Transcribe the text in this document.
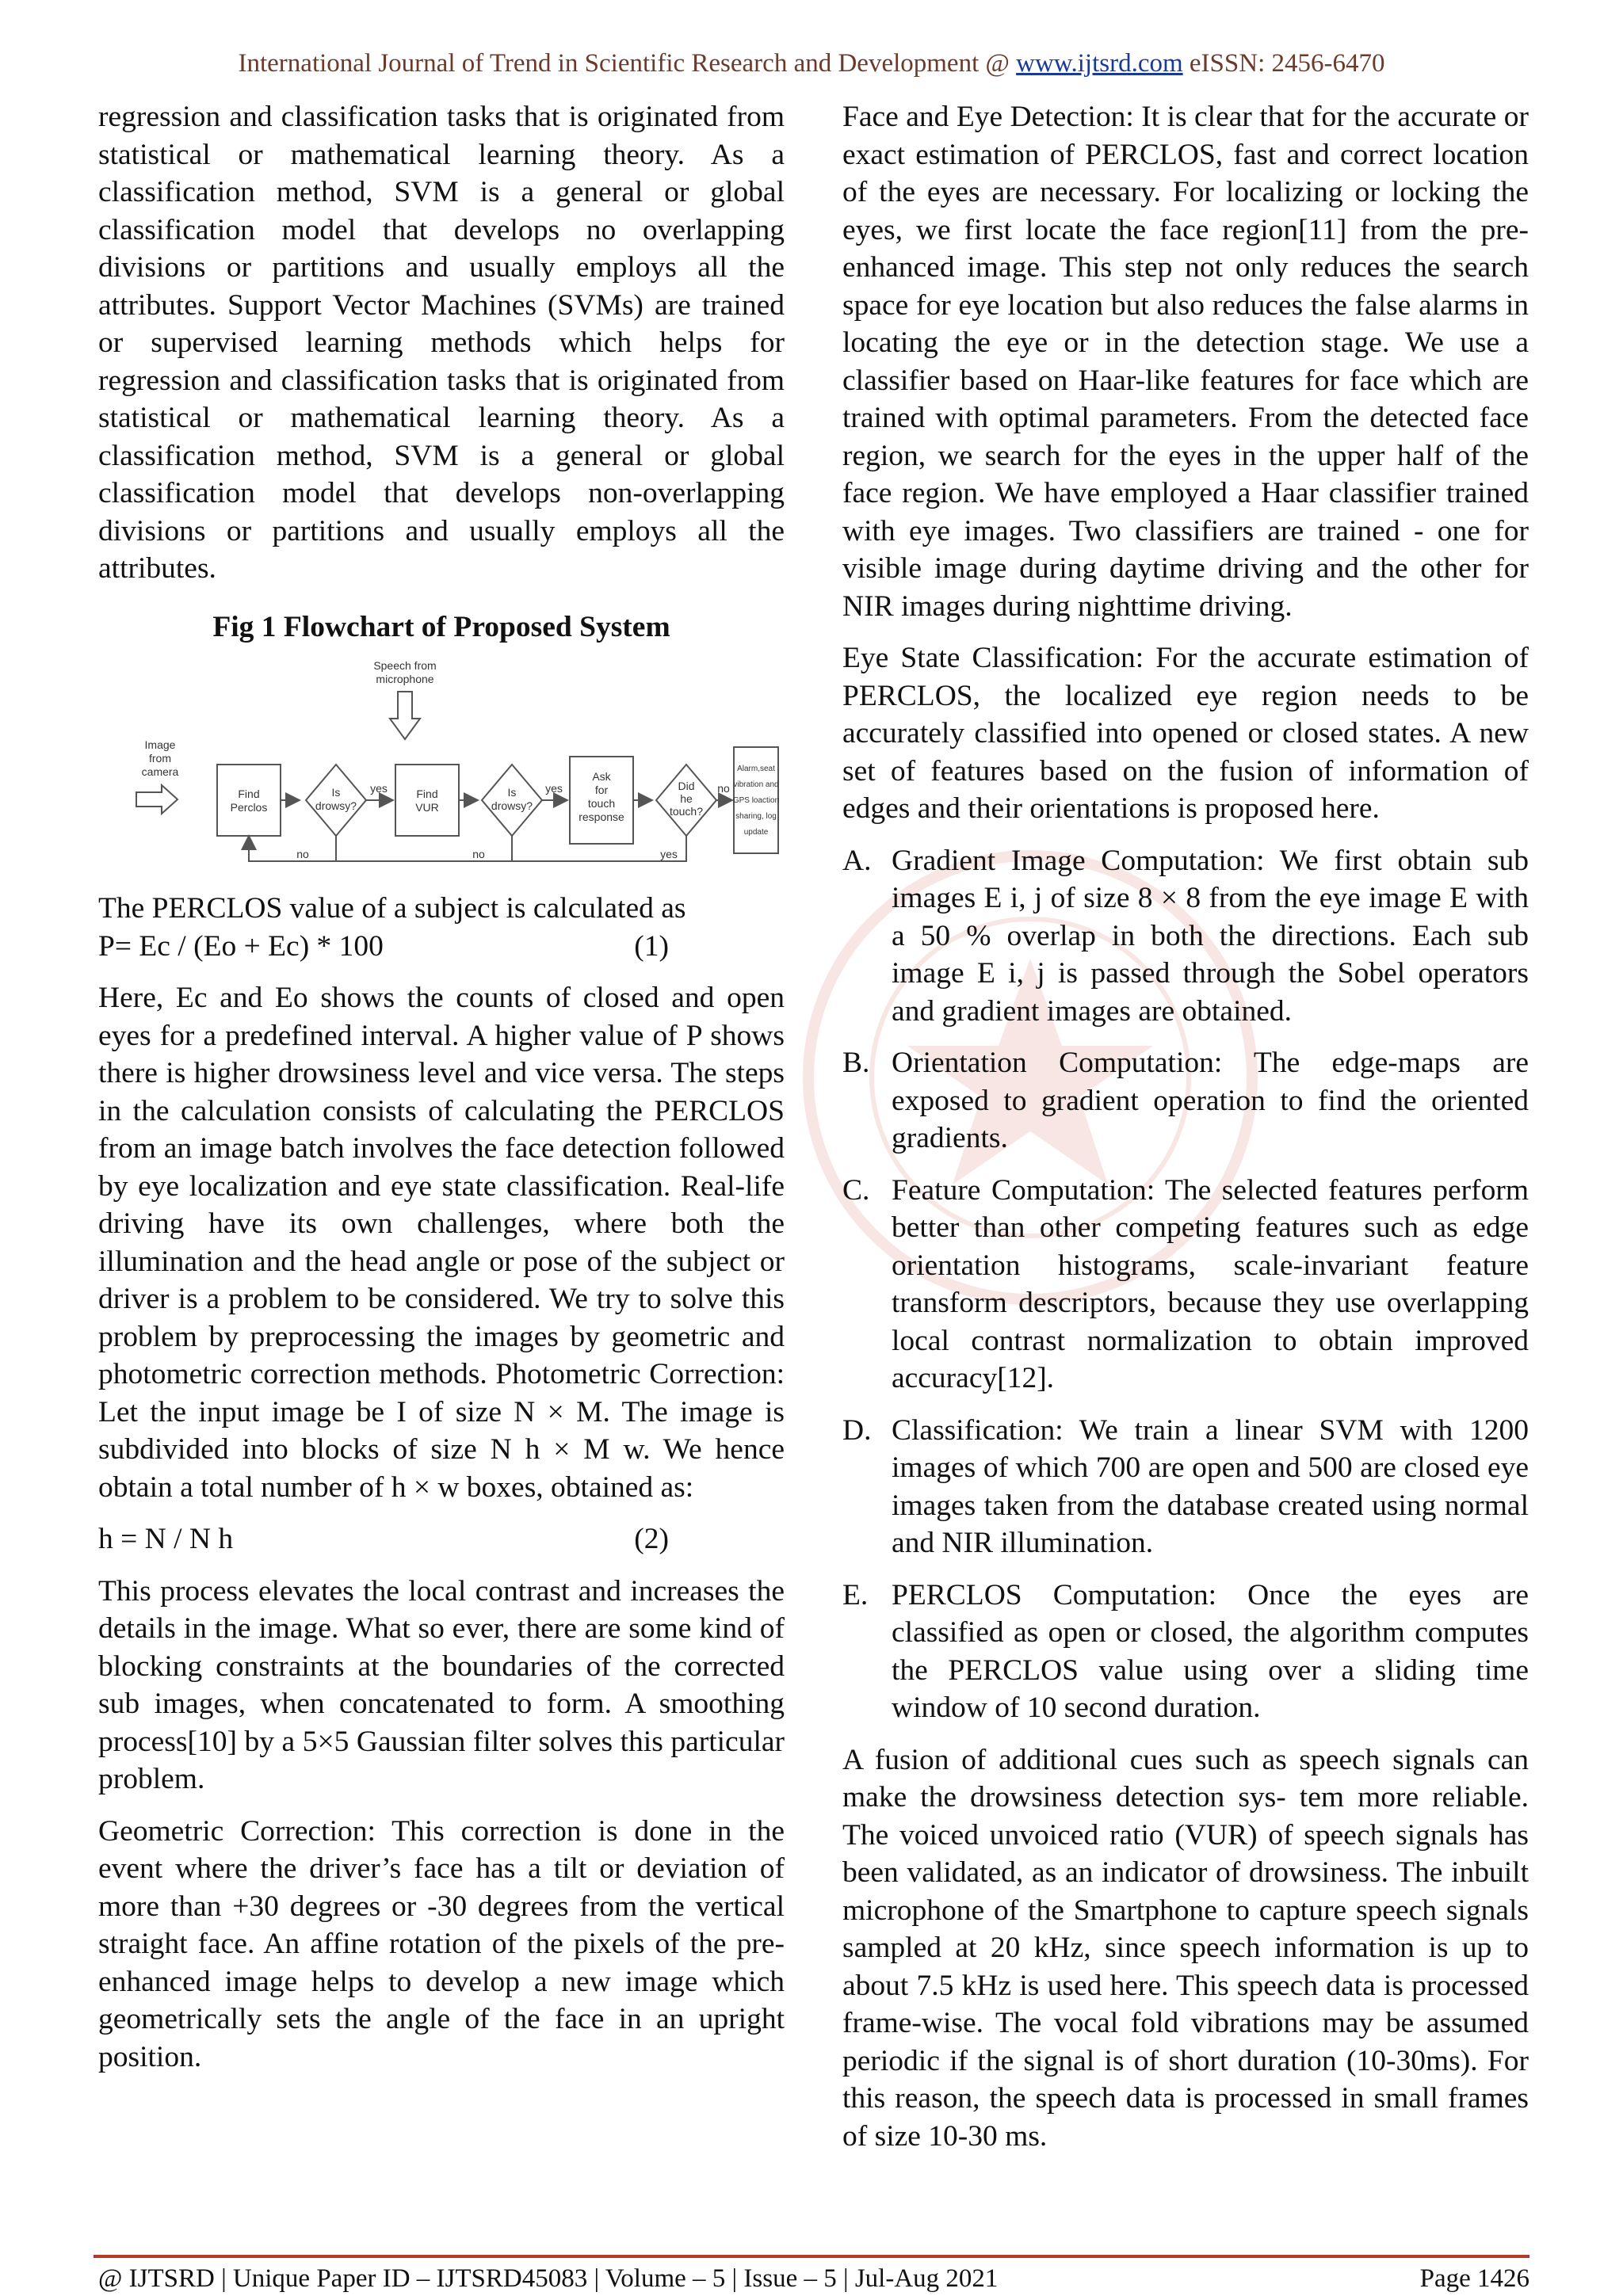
International Journal of Trend in Scientific Research and Development @ www.ijtsrd.com eISSN: 2456-6470

regression and classification tasks that is originated from statistical or mathematical learning theory. As a classification method, SVM is a general or global classification model that develops no overlapping divisions or partitions and usually employs all the attributes. Support Vector Machines (SVMs) are trained or supervised learning methods which helps for regression and classification tasks that is originated from statistical or mathematical learning theory. As a classification method, SVM is a general or global classification model that develops non-overlapping divisions or partitions and usually employs all the attributes.

Fig 1 Flowchart of Proposed System
Speech from microphone
Image from camera
Find Perclos
Is drowsy?
yes	Find VUR
Is drowsy?
yes
Ask for touch response
Did he touch?
no
Alarm,seat vibration and GPS loaction sharing, log update
no	no	yes

The PERCLOS value of a subject is calculated as

P= Ec / (Eo + Ec) * 100	(1)

Here, Ec and Eo shows the counts of closed and open eyes for a predefined interval. A higher value of P shows there is higher drowsiness level and vice versa. The steps in the calculation consists of calculating the PERCLOS from an image batch involves the face detection followed by eye localization and eye state classification. Real-life driving have its own challenges, where both the illumination and the head angle or pose of the subject or driver is a problem to be considered. We try to solve this problem by preprocessing the images by geometric and photometric correction methods. Photometric Correction: Let the input image be I of size N × M. The image is subdivided into blocks of size N h × M w. We hence obtain a total number of h × w boxes, obtained as:

h = N / N h	(2)

This process elevates the local contrast and increases the details in the image. What so ever, there are some kind of blocking constraints at the boundaries of the corrected sub images, when concatenated to form. A smoothing process[10] by a 5×5 Gaussian filter solves this particular problem.

Geometric Correction: This correction is done in the event where the driver’s face has a tilt or deviation of more than +30 degrees or -30 degrees from the vertical straight face. An affine rotation of the pixels of the pre-enhanced image helps to develop a new image which geometrically sets the angle of the face in an upright position.

Face and Eye Detection: It is clear that for the accurate or exact estimation of PERCLOS, fast and correct location of the eyes are necessary. For localizing or locking the eyes, we first locate the face region[11] from the pre-enhanced image. This step not only reduces the search space for eye location but also reduces the false alarms in locating the eye or in the detection stage. We use a classifier based on Haar-like features for face which are trained with optimal parameters. From the detected face region, we search for the eyes in the upper half of the face region. We have employed a Haar classifier trained with eye images. Two classifiers are trained - one for visible image during daytime driving and the other for NIR images during nighttime driving.

Eye State Classification: For the accurate estimation of PERCLOS, the localized eye region needs to be accurately classified into opened or closed states. A new set of features based on the fusion of information of edges and their orientations is proposed here.

A. Gradient Image Computation: We first obtain sub images E i, j of size 8 × 8 from the eye image E with a 50 % overlap in both the directions. Each sub image E i, j is passed through the Sobel operators and gradient images are obtained.
B. Orientation Computation: The edge-maps are exposed to gradient operation to find the oriented gradients.
C. Feature Computation: The selected features perform better than other competing features such as edge orientation histograms, scale-invariant feature transform descriptors, because they use overlapping local contrast normalization to obtain improved accuracy[12].
D. Classification: We train a linear SVM with 1200 images of which 700 are open and 500 are closed eye images taken from the database created using normal and NIR illumination.
E. PERCLOS Computation: Once the eyes are classified as open or closed, the algorithm computes the PERCLOS value using over a sliding time window of 10 second duration.

A fusion of additional cues such as speech signals can make the drowsiness detection sys- tem more reliable. The voiced unvoiced ratio (VUR) of speech signals has been validated, as an indicator of drowsiness. The inbuilt microphone of the Smartphone to capture speech signals sampled at 20 kHz, since speech information is up to about 7.5 kHz is used here. This speech data is processed frame-wise. The vocal fold vibrations may be assumed periodic if the signal is of short duration (10-30ms). For this reason, the speech data is processed in small frames of size 10-30 ms.

@ IJTSRD | Unique Paper ID – IJTSRD45083 | Volume – 5 | Issue – 5 | Jul-Aug 2021	Page 1426
